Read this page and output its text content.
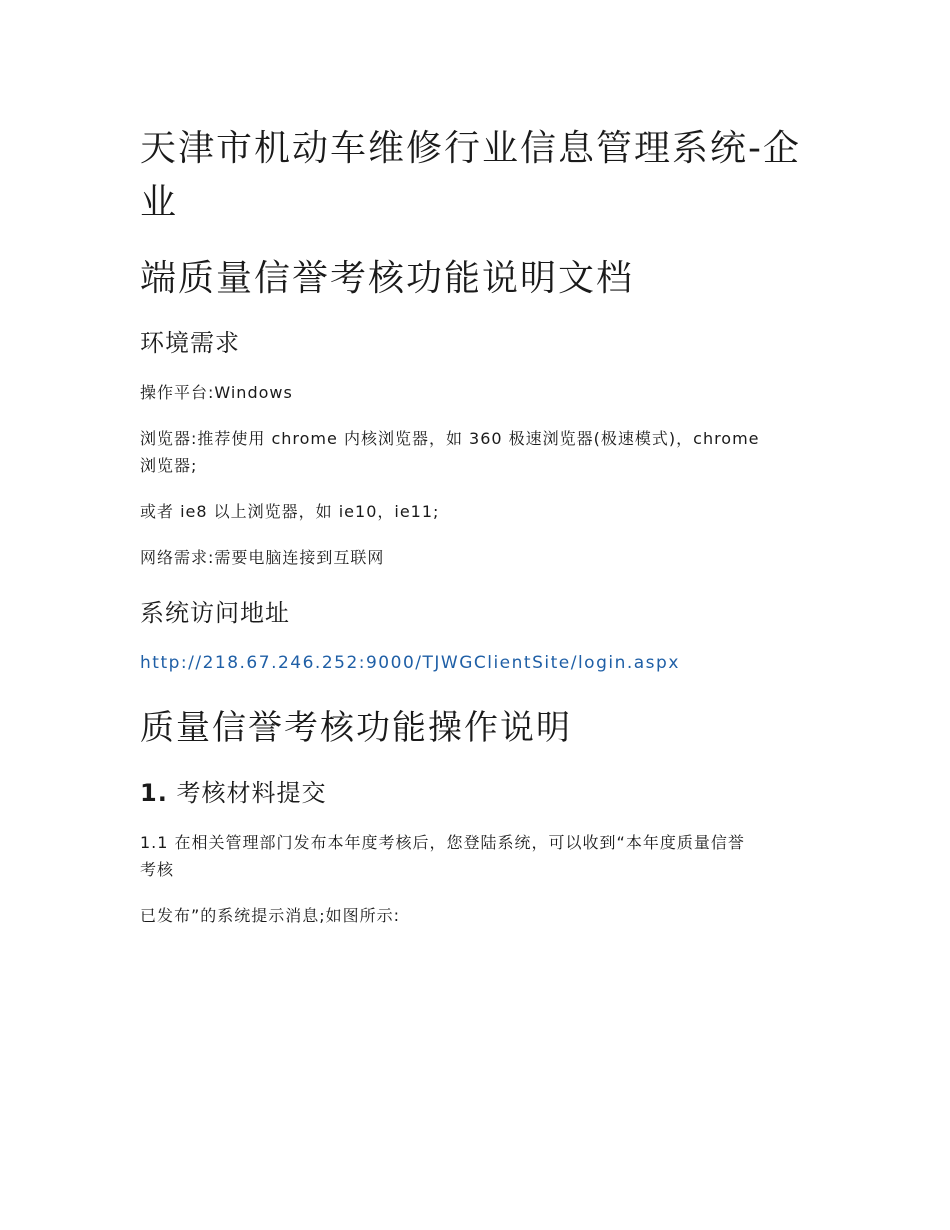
天津市机动车维修行业信息管理系统-企
业
端质量信誉考核功能说明文档
环境需求

操作平台:Windows

浏览器:推荐使用 chrome 内核浏览器，如 360 极速浏览器(极速模式)，chrome

浏览器;

或者 ie8 以上浏览器，如 ie10，ie11;

网络需求:需要电脑连接到互联网

系统访问地址

http://218.67.246.252:9000/TJWGClientSite/login.aspx

质量信誉考核功能操作说明
1. 考核材料提交

1.1 在相关管理部门发布本年度考核后，您登陆系统，可以收到“本年度质量信誉

考核

已发布”的系统提示消息;如图所示:
